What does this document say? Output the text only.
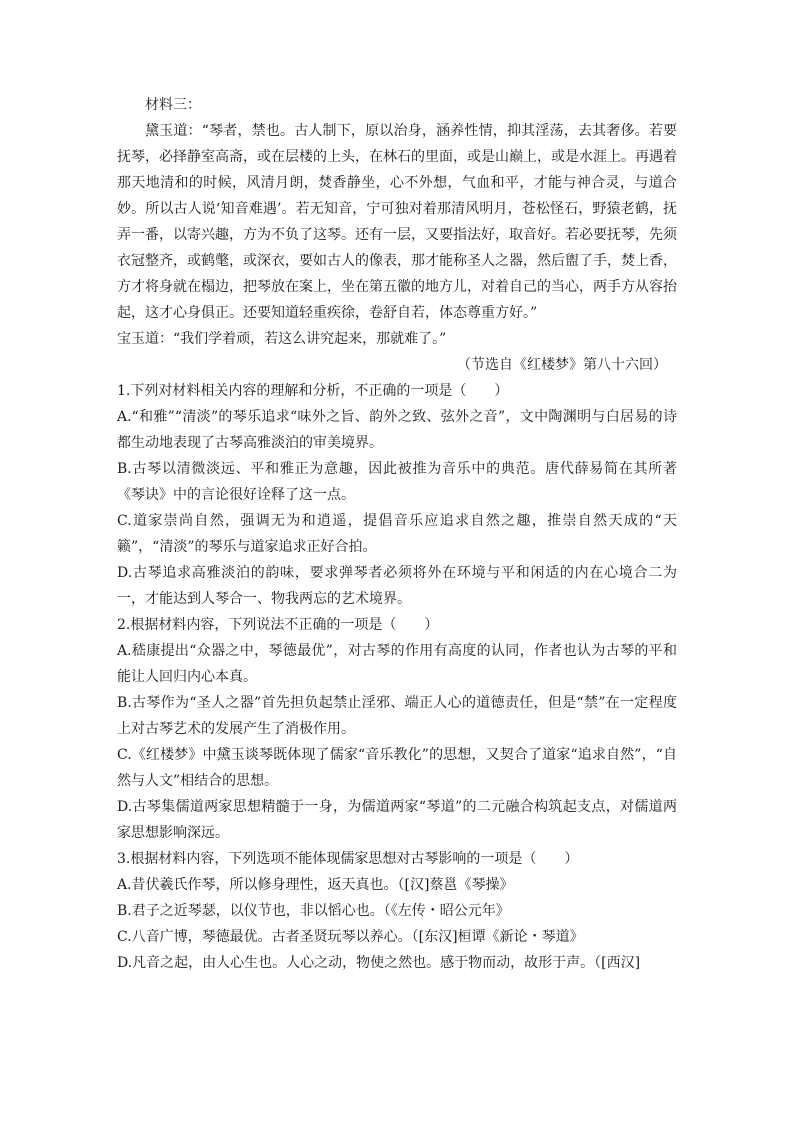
材料三：

黛玉道：“琴者，禁也。古人制下，原以治身，涵养性情，抑其淫荡，去其奢侈。若要抚琴，必择静室高斋，或在层楼的上头，在林石的里面，或是山巅上，或是水涯上。再遇着那天地清和的时候，风清月朗，焚香静坐，心不外想，气血和平，才能与神合灵，与道合妙。所以古人说‘知音难遇’。若无知音，宁可独对着那清风明月，苍松怪石，野猿老鹤，抚弄一番，以寄兴趣，方为不负了这琴。还有一层，又要指法好，取音好。若必要抚琴，先须衣冠整齐，或鹤氅，或深衣，要如古人的像表，那才能称圣人之器，然后盥了手，焚上香，方才将身就在榻边，把琴放在案上，坐在第五徽的地方儿，对着自己的当心，两手方从容抬起，这才心身俱正。还要知道轻重疾徐，卷舒自若，体态尊重方好。”

宝玉道：“我们学着顽，若这么讲究起来，那就难了。”

（节选自《红楼梦》第八十六回）

1.下列对材料相关内容的理解和分析，不正确的一项是（　　）

A.“和雅”“清淡”的琴乐追求“味外之旨、韵外之致、弦外之音”，文中陶渊明与白居易的诗都生动地表现了古琴高雅淡泊的审美境界。

B.古琴以清微淡远、平和雅正为意趣，因此被推为音乐中的典范。唐代薛易简在其所著《琴诀》中的言论很好诠释了这一点。

C.道家崇尚自然，强调无为和逍遥，提倡音乐应追求自然之趣，推崇自然天成的“天籁”，“清淡”的琴乐与道家追求正好合拍。

D.古琴追求高雅淡泊的韵味，要求弹琴者必须将外在环境与平和闲适的内在心境合二为一，才能达到人琴合一、物我两忘的艺术境界。

2.根据材料内容，下列说法不正确的一项是（　　）

A.嵇康提出“众器之中，琴德最优”，对古琴的作用有高度的认同，作者也认为古琴的平和能让人回归内心本真。

B.古琴作为“圣人之器”首先担负起禁止淫邪、端正人心的道德责任，但是“禁”在一定程度上对古琴艺术的发展产生了消极作用。

C.《红楼梦》中黛玉谈琴既体现了儒家“音乐教化”的思想，又契合了道家“追求自然”，“自然与人文”相结合的思想。

D.古琴集儒道两家思想精髓于一身，为儒道两家“琴道”的二元融合构筑起支点，对儒道两家思想影响深远。

3.根据材料内容，下列选项不能体现儒家思想对古琴影响的一项是（　　）

A.昔伏羲氏作琴，所以修身理性，返天真也。（[汉]蔡邕《琴操》

B.君子之近琴瑟，以仪节也，非以慆心也。（《左传・昭公元年》

C.八音广博，琴德最优。古者圣贤玩琴以养心。（[东汉]桓谭《新论・琴道》

D.凡音之起，由人心生也。人心之动，物使之然也。感于物而动，故形于声。（[西汉]
